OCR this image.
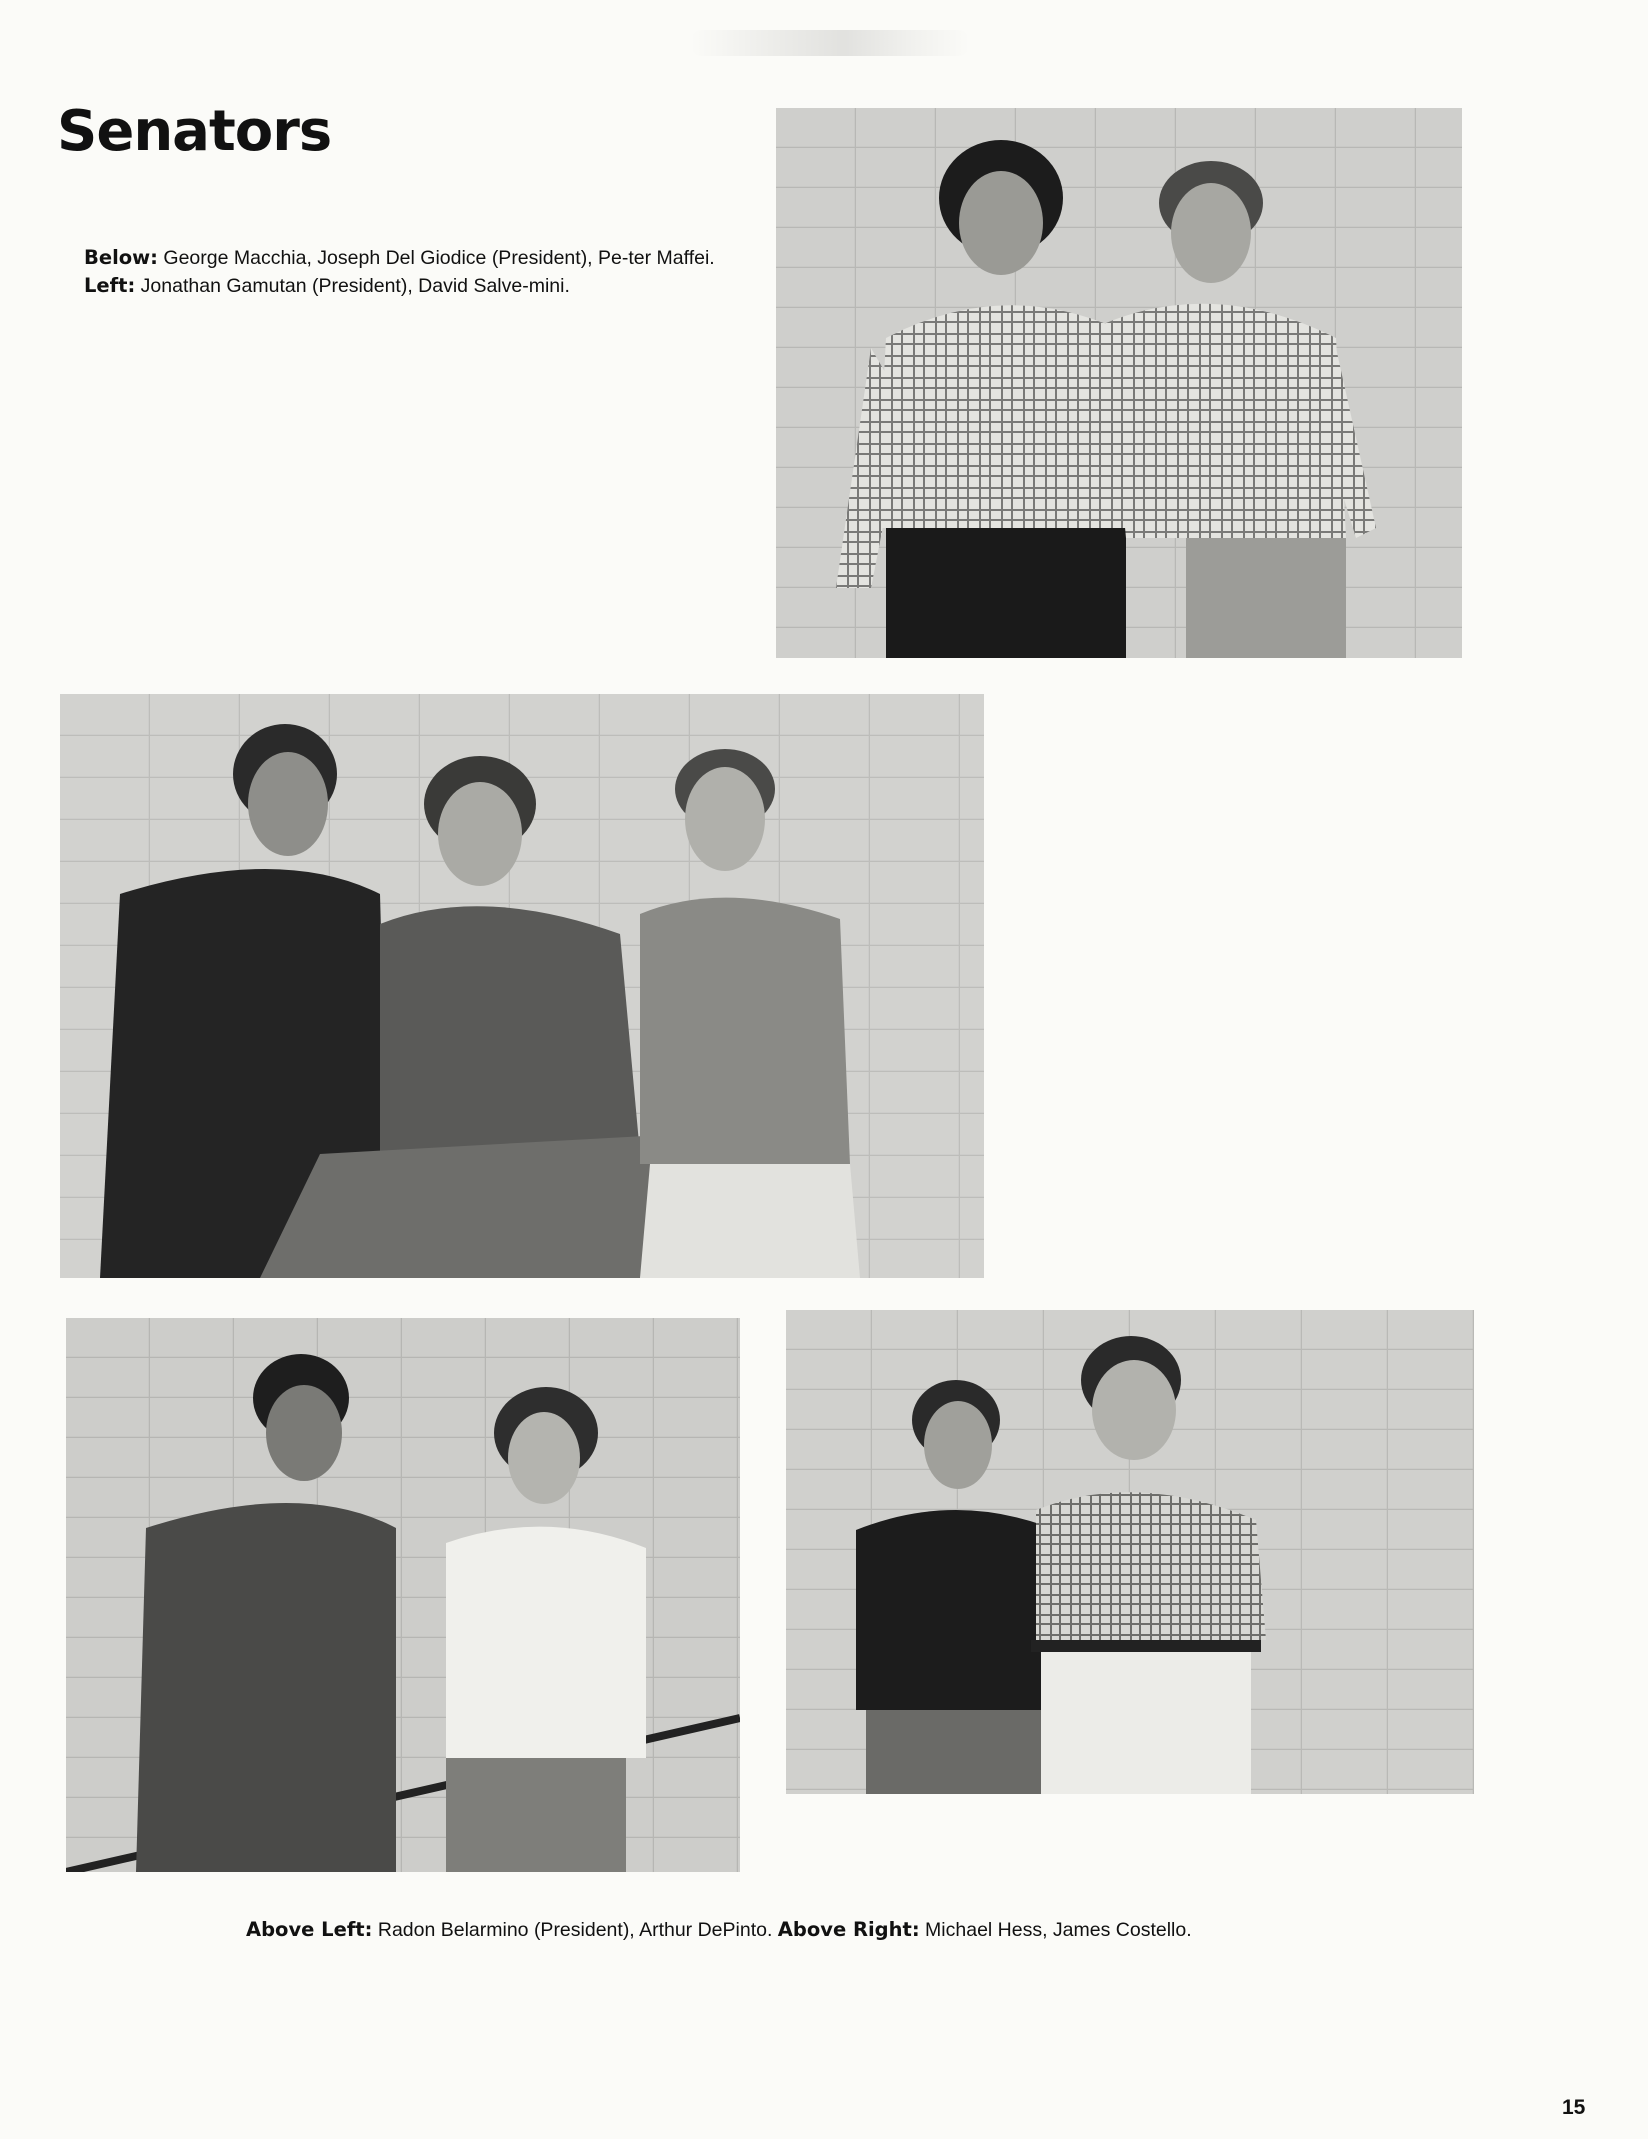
Senators

Below: George Macchia, Joseph Del Giodice (President), Pe-ter Maffei. Left: Jonathan Gamutan (President), David Salve-mini.

Above Left: Radon Belarmino (President), Arthur DePinto. Above Right: Michael Hess, James Costello.

15
